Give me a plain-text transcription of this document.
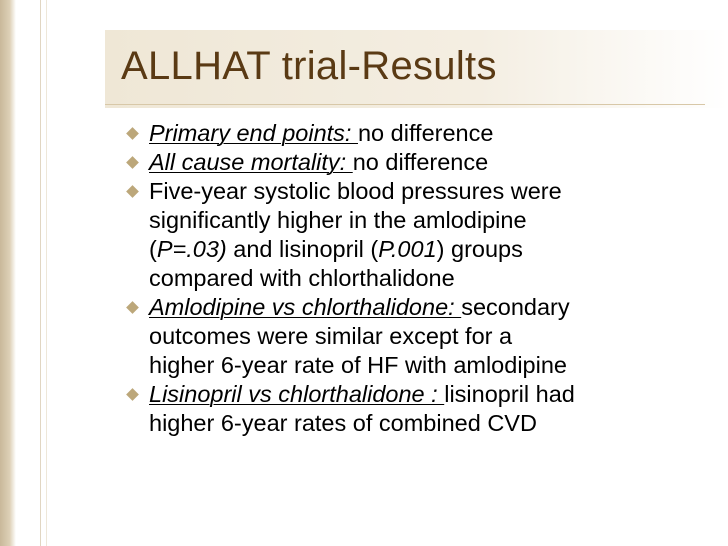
ALLHAT trial-Results
Primary end points: no difference
All cause mortality: no difference
Five-year systolic blood pressures were
significantly higher in the amlodipine
(P=.03) and lisinopril (P.001) groups
compared with chlorthalidone
Amlodipine vs chlorthalidone: secondary
outcomes were similar except for a
higher 6-year rate of HF with amlodipine
Lisinopril vs chlorthalidone : lisinopril had
higher 6-year rates of combined CVD
